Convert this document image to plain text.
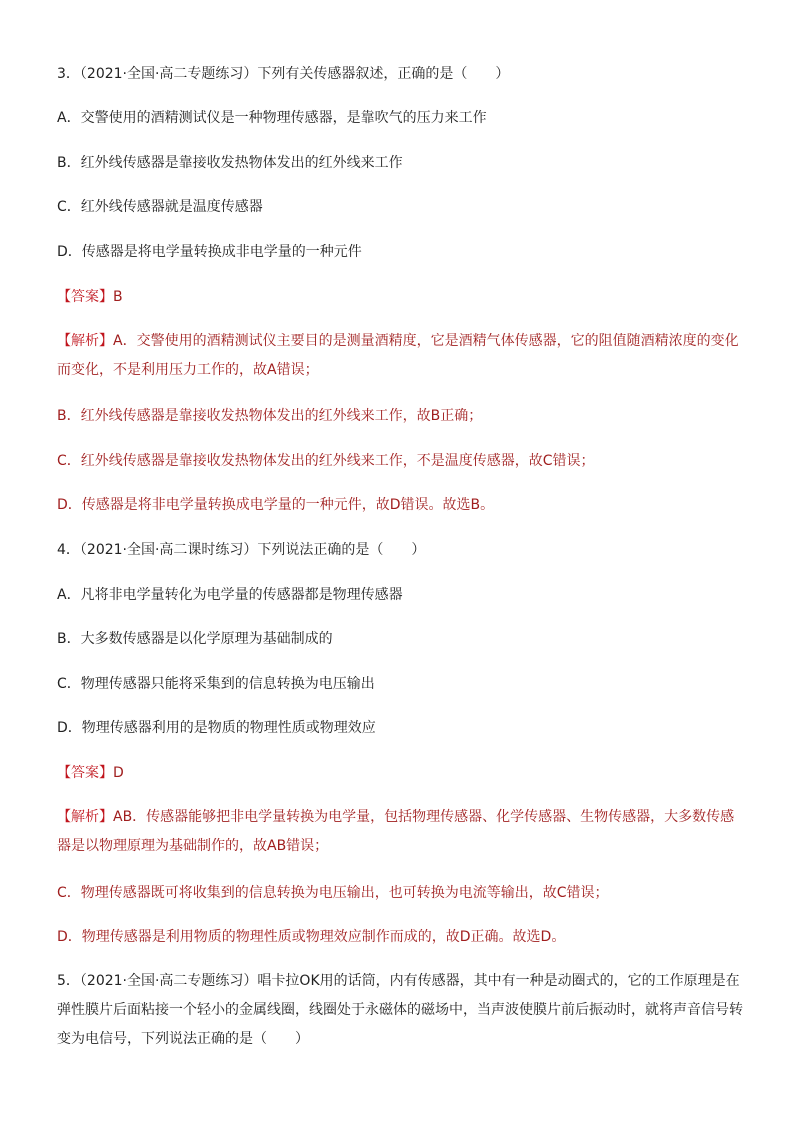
3．（2021·全国·高二专题练习）下列有关传感器叙述，正确的是（　　）
A．交警使用的酒精测试仪是一种物理传感器，是靠吹气的压力来工作
B．红外线传感器是靠接收发热物体发出的红外线来工作
C．红外线传感器就是温度传感器
D．传感器是将电学量转换成非电学量的一种元件
【答案】B
【解析】A．交警使用的酒精测试仪主要目的是测量酒精度，它是酒精气体传感器，它的阻值随酒精浓度的变化而变化，不是利用压力工作的，故A错误；
B．红外线传感器是靠接收发热物体发出的红外线来工作，故B正确；
C．红外线传感器是靠接收发热物体发出的红外线来工作，不是温度传感器，故C错误；
D．传感器是将非电学量转换成电学量的一种元件，故D错误。故选B。
4．（2021·全国·高二课时练习）下列说法正确的是（　　）
A．凡将非电学量转化为电学量的传感器都是物理传感器
B．大多数传感器是以化学原理为基础制成的
C．物理传感器只能将采集到的信息转换为电压输出
D．物理传感器利用的是物质的物理性质或物理效应
【答案】D
【解析】AB．传感器能够把非电学量转换为电学量，包括物理传感器、化学传感器、生物传感器，大多数传感器是以物理原理为基础制作的，故AB错误；
C．物理传感器既可将收集到的信息转换为电压输出，也可转换为电流等输出，故C错误；
D．物理传感器是利用物质的物理性质或物理效应制作而成的，故D正确。故选D。
5．（2021·全国·高二专题练习）唱卡拉OK用的话筒，内有传感器，其中有一种是动圈式的，它的工作原理是在弹性膜片后面粘接一个轻小的金属线圈，线圈处于永磁体的磁场中，当声波使膜片前后振动时，就将声音信号转变为电信号，下列说法正确的是（　　）
